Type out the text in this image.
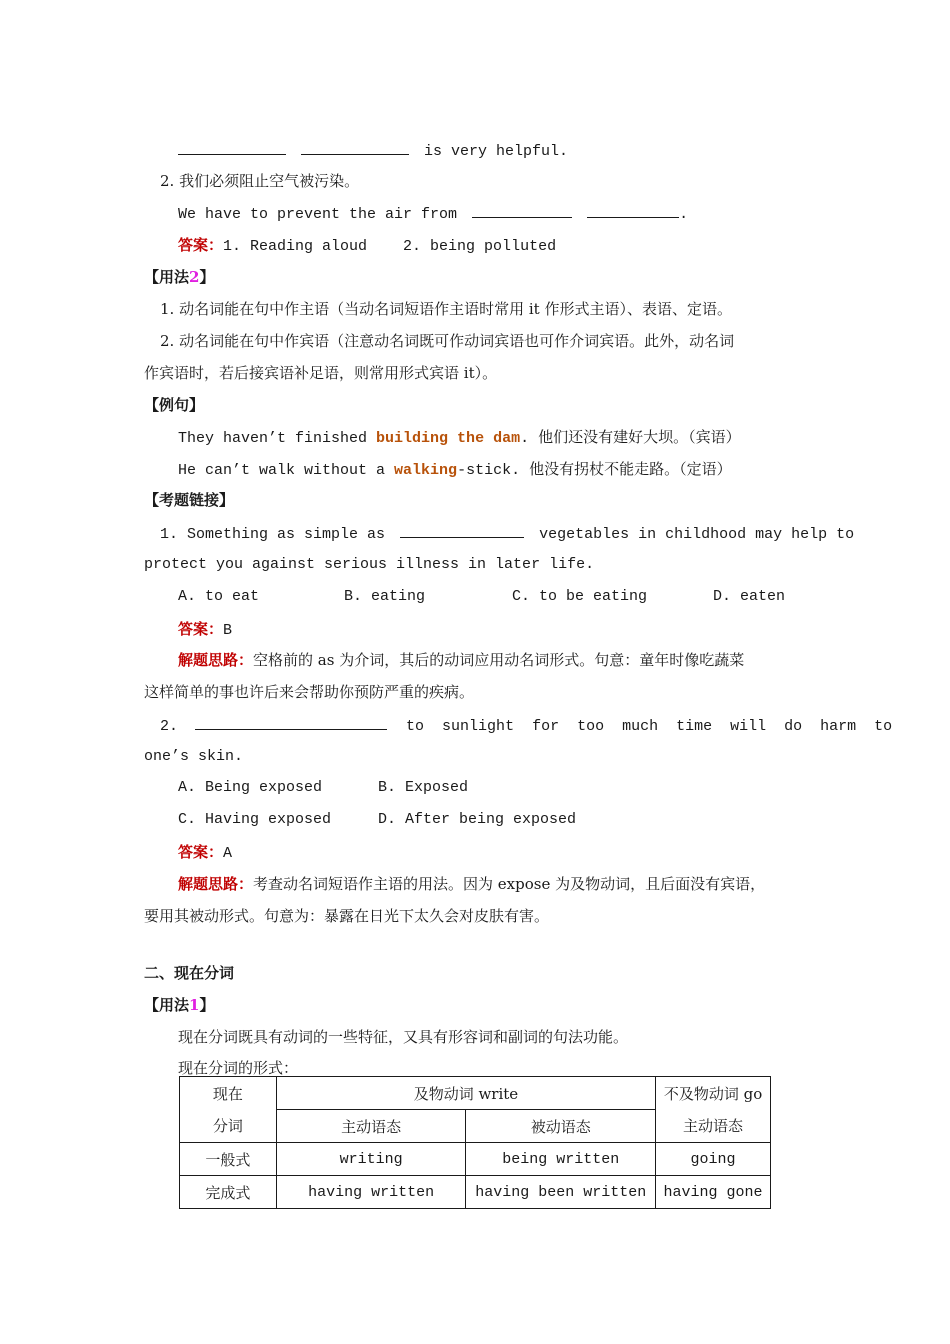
is very helpful.
2. 我们必须阻止空气被污染。
We have to prevent the air from	.
答案：1. Reading aloud    2. being polluted
【用法2】
1. 动名词能在句中作主语（当动名词短语作主语时常用 it 作形式主语）、表语、定语。
2. 动名词能在句中作宾语（注意动名词既可作动词宾语也可作介词宾语。此外，动名词
作宾语时，若后接宾语补足语，则常用形式宾语 it）。
【例句】
They haven’t finished building the dam. 他们还没有建好大坝。（宾语）
He can’t walk without a walking-stick. 他没有拐杖不能走路。（定语）
【考题链接】
1. Something as simple as	vegetables in childhood may help to
protect you against serious illness in later life.
A. to eat	B. eating	C. to be eating	D. eaten
答案：B
解题思路：空格前的 as 为介词，其后的动词应用动名词形式。句意：童年时像吃蔬菜
这样简单的事也许后来会帮助你预防严重的疾病。
2.	to  sunlight  for  too  much  time  will  do  harm  to
one’s skin.
A. Being exposed	B. Exposed
C. Having exposed	D. After being exposed
答案：A
解题思路：考查动名词短语作主语的用法。因为 expose 为及物动词，且后面没有宾语，
要用其被动形式。句意为：暴露在日光下太久会对皮肤有害。
二、现在分词
【用法1】
现在分词既具有动词的一些特征，又具有形容词和副词的句法功能。
现在分词的形式：
现在	及物动词 write		不及物动词 go
分词	主动语态	被动语态	主动语态
一般式	writing	being written	going
完成式	having written	having been written	having gone
